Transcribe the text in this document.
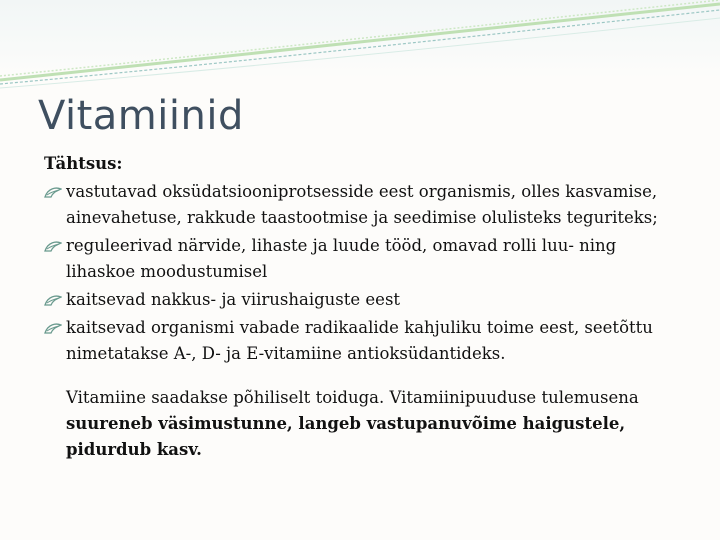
Vitamiinid

Tähtsus:

vastutavad oksüdatsiooniprotsesside eest organismis, olles kasvamise, ainevahetuse, rakkude taastootmise ja seedimise olulisteks teguriteks;
reguleerivad närvide, lihaste ja luude tööd, omavad rolli luu- ning lihaskoe moodustumisel
kaitsevad nakkus- ja viirushaiguste eest
kaitsevad organismi vabade radikaalide kahjuliku toime eest, seetõttu nimetatakse A-, D- ja E-vitamiine antioksüdantideks.

Vitamiine saadakse põhiliselt toiduga. Vitamiinipuuduse tulemusena suureneb väsimustunne, langeb vastupanuvõime haigustele, pidurdub kasv.
